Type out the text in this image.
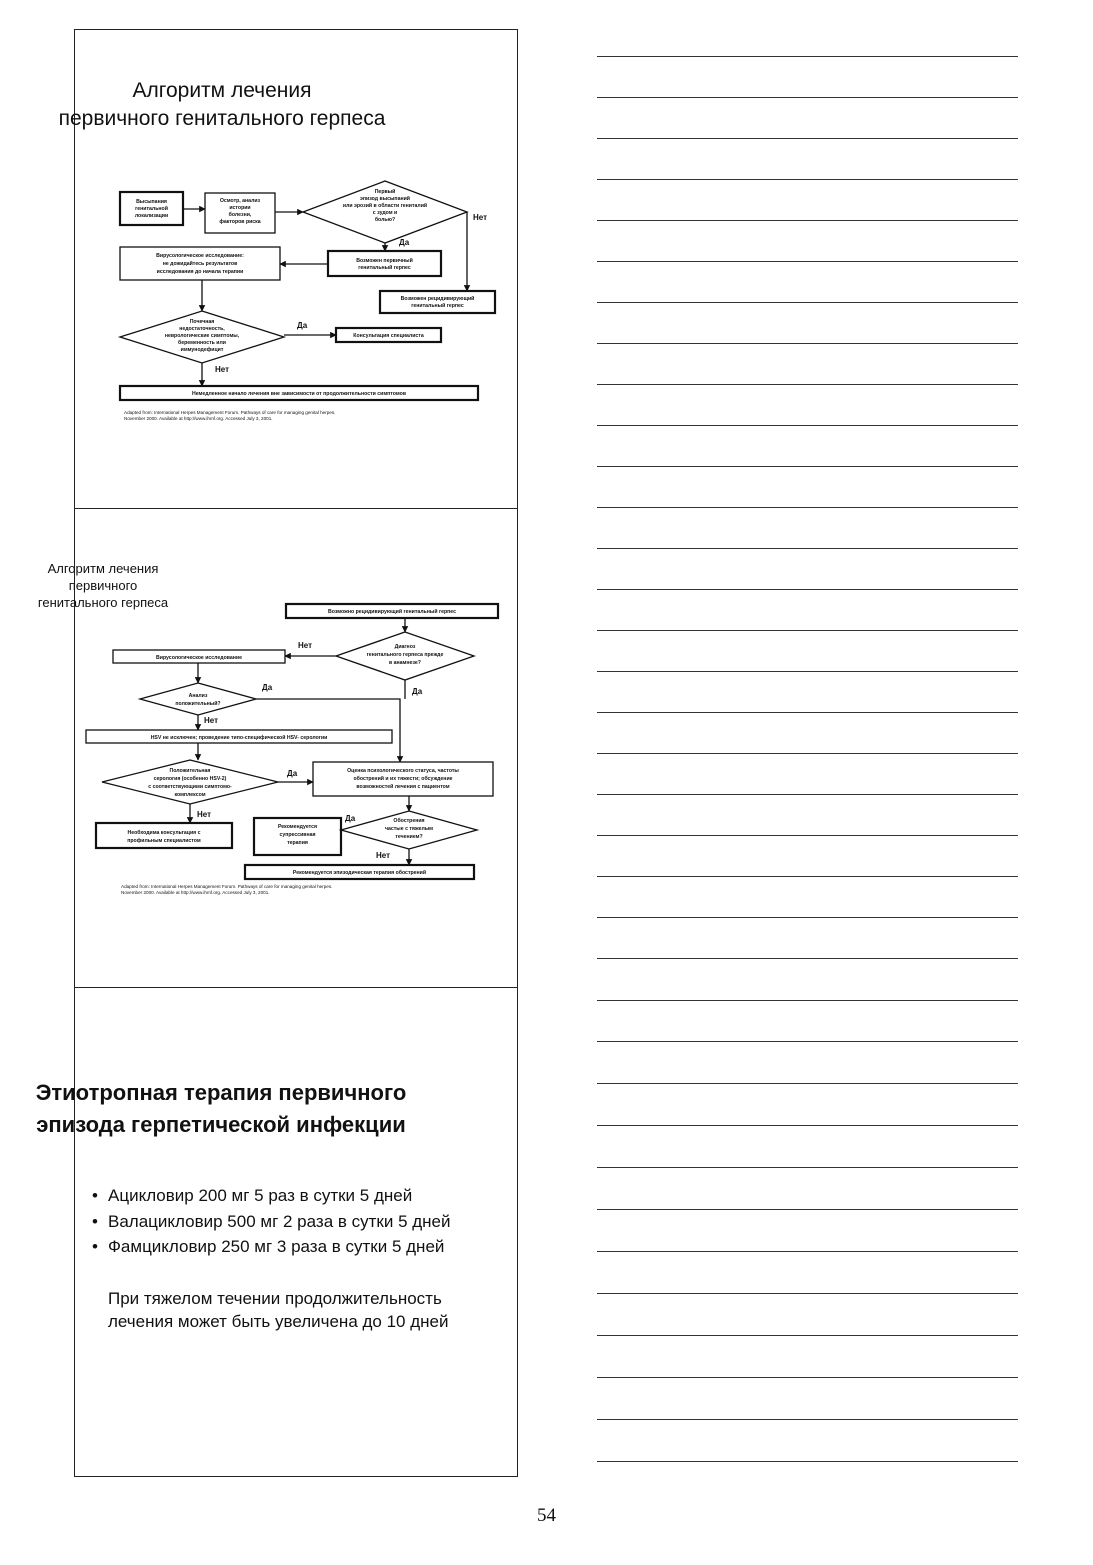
Алгоритм лечения
первичного генитального герпеса
Высыпания
генитальной
локализации
Осмотр, анализ
истории
болезни,
факторов риска
Первый
эпизод высыпаний
или эрозий в области гениталий
с зудом и
болью?
Вирусологическое исследование:
не дожидайтесь результатов
исследования до начала терапии
Возможен первичный
генитальный герпес
Возможен рецидивирующий
генитальный герпес
Почечная
недостаточность,
неврологические симптомы,
беременность или
иммунодефицит
Консультация специалиста
Немедленное начало лечения вне зависимости от продолжительности симптомов
Нет
Да
Да
Нет
Adapted from: International Herpes Management Forum. Pathways of care for managing genital herpes.
November 2000. Available at http://www.ihmf.org. Accessed July 3, 2001.
Алгоритм лечения
первичного
генитального герпеса
Возможно рецидивирующий генитальный герпес
Диагноз
генитального герпеса прежде
в анамнезе?
Вирусологическое исследование
Анализ
положительный?
HSV не исключен; проведение типо-специфической HSV- серологии
Положительная
серология (особенно HSV-2)
с соответствующими симптомо-
комплексом
Оценка психологического статуса, частоты
обострений и их тяжести; обсуждение
возможностей лечения с пациентом
Необходима консультация с
профильным специалистом
Рекомендуется
супрессивная
терапия
Обострения
частые с тяжелым
течением?
Рекомендуется эпизодическая терапия обострений
Нет
Да	Да
Нет
Да
Нет	Да
Нет
Adapted from: International Herpes Management Forum. Pathways of care for managing genital herpes.
November 2000. Available at http://www.ihmf.org. Accessed July 3, 2001.
Этиотропная терапия первичного
эпизода герпетической инфекции
• Ацикловир 200 мг 5 раз в сутки 5 дней
• Валацикловир 500 мг 2 раза в сутки 5 дней
• Фамцикловир 250 мг 3 раза в сутки 5 дней
При тяжелом течении продолжительность
лечения может быть увеличена до 10 дней
54
